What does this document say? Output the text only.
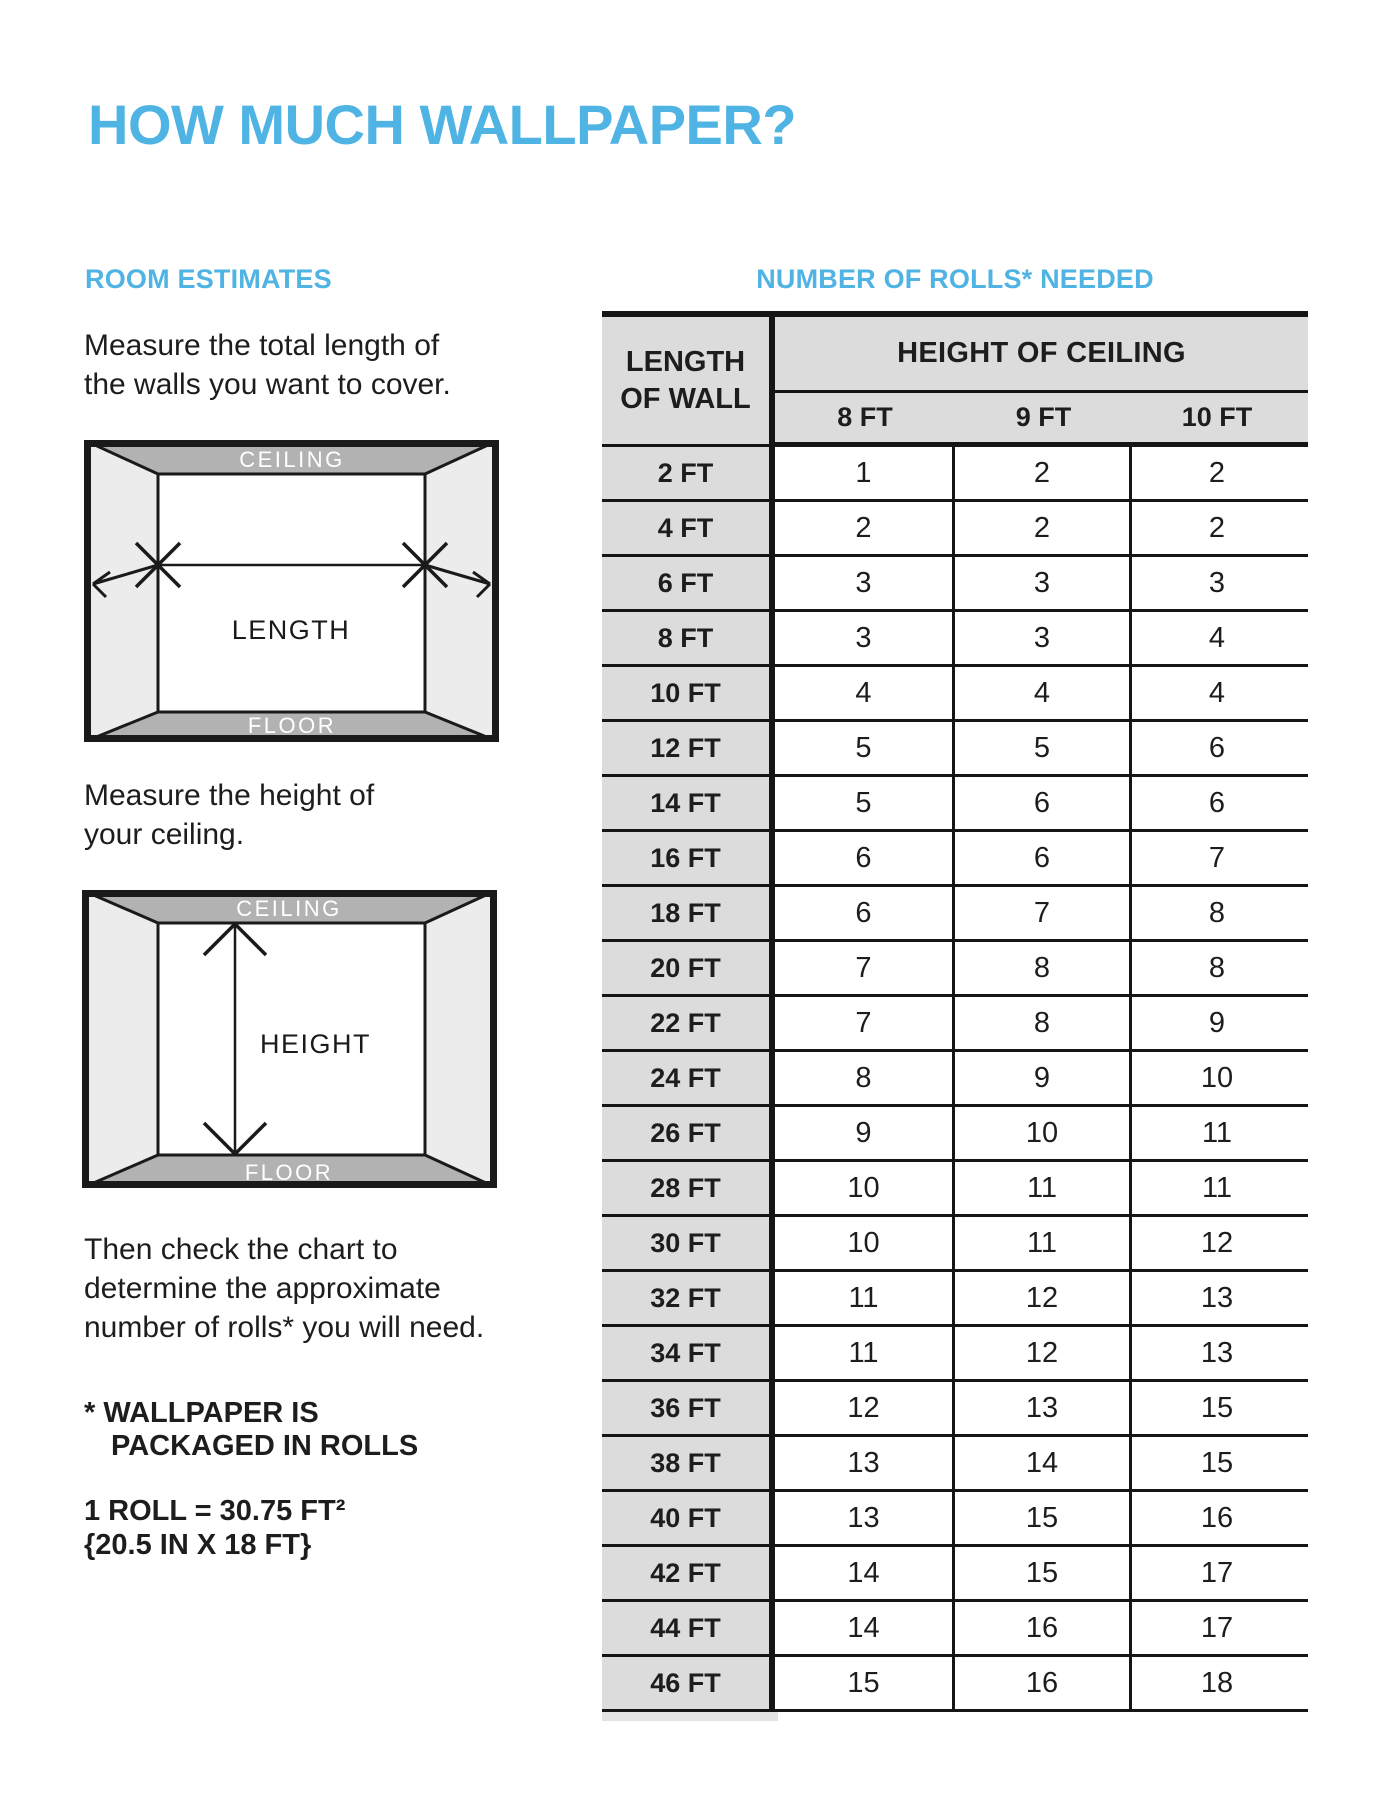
HOW MUCH WALLPAPER?
ROOM ESTIMATES	NUMBER OF ROLLS* NEEDED
Measure the total length of
the walls you want to cover.
CEILING
FLOOR
LENGTH
Measure the height of
your ceiling.
CEILING
FLOOR
HEIGHT
Then check the chart to
determine the approximate
number of rolls* you will need.
* WALLPAPER IS
PACKAGED IN ROLLS
1 ROLL = 30.75 FT²
{20.5 IN X 18 FT}
LENGTH
OF WALL
HEIGHT OF CEILING
8 FT	9 FT	10 FT
2 FT	1	2	2
4 FT	2	2	2
6 FT	3	3	3
8 FT	3	3	4
10 FT	4	4	4
12 FT	5	5	6
14 FT	5	6	6
16 FT	6	6	7
18 FT	6	7	8
20 FT	7	8	8
22 FT	7	8	9
24 FT	8	9	10
26 FT	9	10	11
28 FT	10	11	11
30 FT	10	11	12
32 FT	11	12	13
34 FT	11	12	13
36 FT	12	13	15
38 FT	13	14	15
40 FT	13	15	16
42 FT	14	15	17
44 FT	14	16	17
46 FT	15	16	18
